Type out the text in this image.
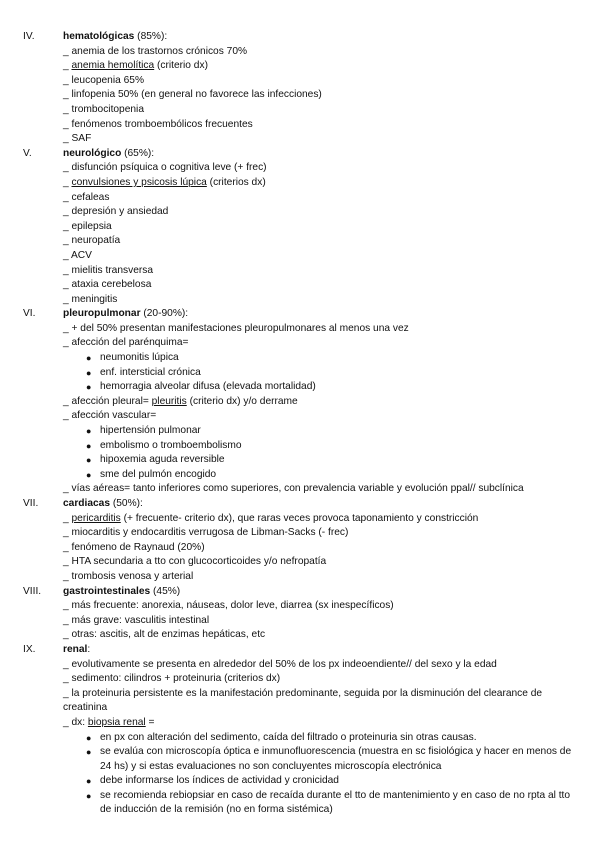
IV.	hematológicas (85%):
_ anemia de los trastornos crónicos 70%
_ anemia hemolítica (criterio dx)
_ leucopenia 65%
_ linfopenia 50% (en general no favorece las infecciones)
_ trombocitopenia
_ fenómenos tromboembólicos frecuentes
_ SAF
V.	neurológico (65%):
_ disfunción psíquica o cognitiva leve (+ frec)
_ convulsiones y psicosis lúpica (criterios dx)
_ cefaleas
_ depresión y ansiedad
_ epilepsia
_ neuropatía
_ ACV
_ mielitis transversa
_ ataxia cerebelosa
_ meningitis
VI.	pleuropulmonar (20-90%):
_ + del 50% presentan manifestaciones pleuropulmonares al menos una vez
_ afección del parénquima=
● neumonitis lúpica
● enf. intersticial crónica
● hemorragia alveolar difusa (elevada mortalidad)
_ afección pleural= pleuritis (criterio dx) y/o derrame
_ afección vascular=
● hipertensión pulmonar
● embolismo o tromboembolismo
● hipoxemia aguda reversible
● sme del pulmón encogido
_ vías aéreas= tanto inferiores como superiores, con prevalencia variable y evolución ppal// subclínica
VII.	cardiacas (50%):
_ pericarditis (+ frecuente- criterio dx), que raras veces provoca taponamiento y constricción
_ miocarditis y endocarditis verrugosa de Libman-Sacks (- frec)
_ fenómeno de Raynaud (20%)
_ HTA secundaria a tto con glucocorticoides y/o nefropatía
_ trombosis venosa y arterial
VIII.	gastrointestinales (45%)
_ más frecuente: anorexia, náuseas, dolor leve, diarrea (sx inespecíficos)
_ más grave: vasculitis intestinal
_ otras: ascitis, alt de enzimas hepáticas, etc
IX.	renal:
_ evolutivamente se presenta en alrededor del 50% de los px indeoendiente// del sexo y la edad
_ sedimento: cilindros + proteinuria (criterios dx)
_ la proteinuria persistente es la manifestación predominante, seguida por la disminución del clearance de creatinina
_ dx: biopsia renal =
● en px con alteración del sedimento, caída del filtrado o proteinuria sin otras causas.
● se evalúa con microscopía óptica e inmunofluorescencia (muestra en sc fisiológica y hacer en menos de 24 hs) y si estas evaluaciones no son concluyentes microscopía electrónica
● debe informarse los índices de actividad y cronicidad
● se recomienda rebiopsiar en caso de recaída durante el tto de mantenimiento y en caso de no rpta al tto de inducción de la remisión (no en forma sistémica)
